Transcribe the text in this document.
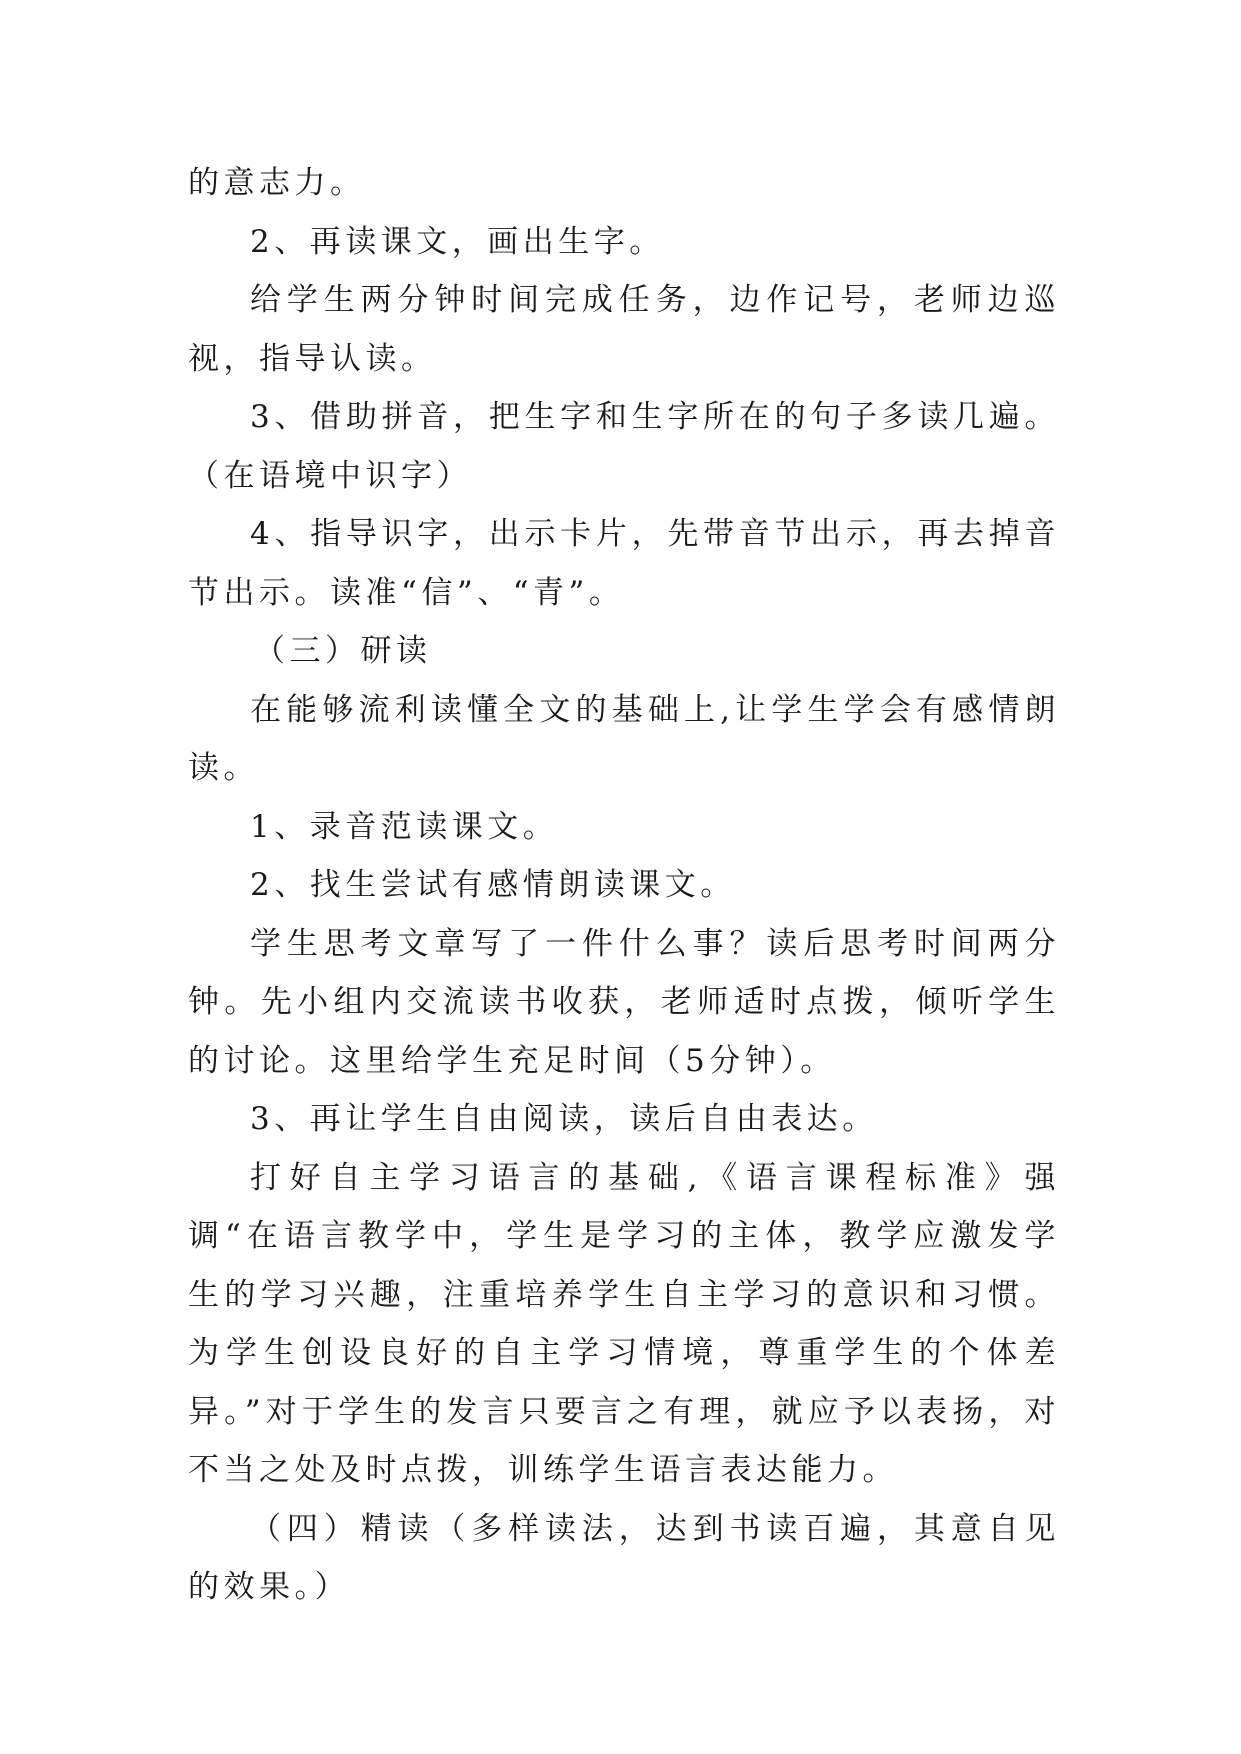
的意志力。

2、再读课文，画出生字。

给学生两分钟时间完成任务，边作记号，老师边巡视，指导认读。

3、借助拼音，把生字和生字所在的句子多读几遍。（在语境中识字）

4、指导识字，出示卡片，先带音节出示，再去掉音节出示。读准“信”、“青”。

（三）研读

在能够流利读懂全文的基础上,让学生学会有感情朗读。

1、录音范读课文。

2、找生尝试有感情朗读课文。

学生思考文章写了一件什么事？读后思考时间两分钟。先小组内交流读书收获，老师适时点拨，倾听学生的讨论。这里给学生充足时间（5分钟）。

3、再让学生自由阅读，读后自由表达。

打好自主学习语言的基础,《语言课程标准》强调“在语言教学中，学生是学习的主体，教学应激发学生的学习兴趣，注重培养学生自主学习的意识和习惯。为学生创设良好的自主学习情境，尊重学生的个体差异。”对于学生的发言只要言之有理，就应予以表扬，对不当之处及时点拨，训练学生语言表达能力。

（四）精读（多样读法，达到书读百遍，其意自见的效果。）
